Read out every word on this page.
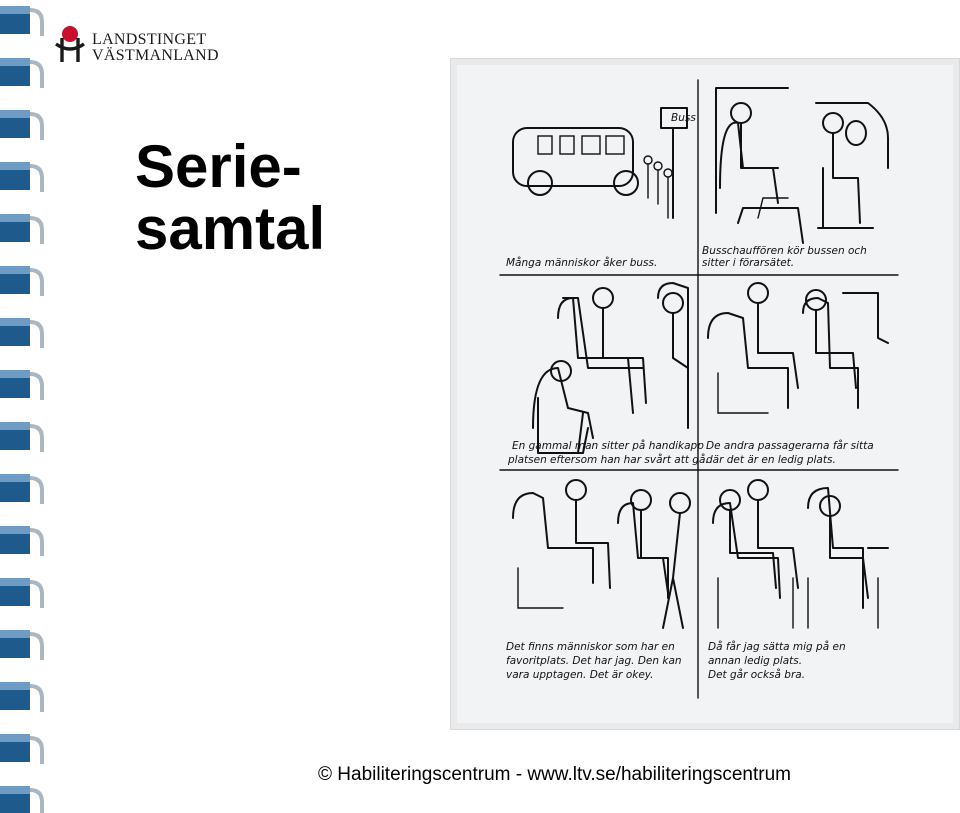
LANDSTINGET
VÄSTMANLAND
Serie-
samtal
Buss
Många människor åker buss.
Busschauffören kör bussen och sitter i förarsätet.
En gammal man sitter på handikapp platsen eftersom han har svårt att gå.
De andra passagerarna får sitta där det är en ledig plats.
Det finns människor som har en favoritplats. Det har jag. Den kan vara upptagen. Det är okey.
Då får jag sätta mig på en annan ledig plats. Det går också bra.
© Habiliteringscentrum - www.ltv.se/habiliteringscentrum
